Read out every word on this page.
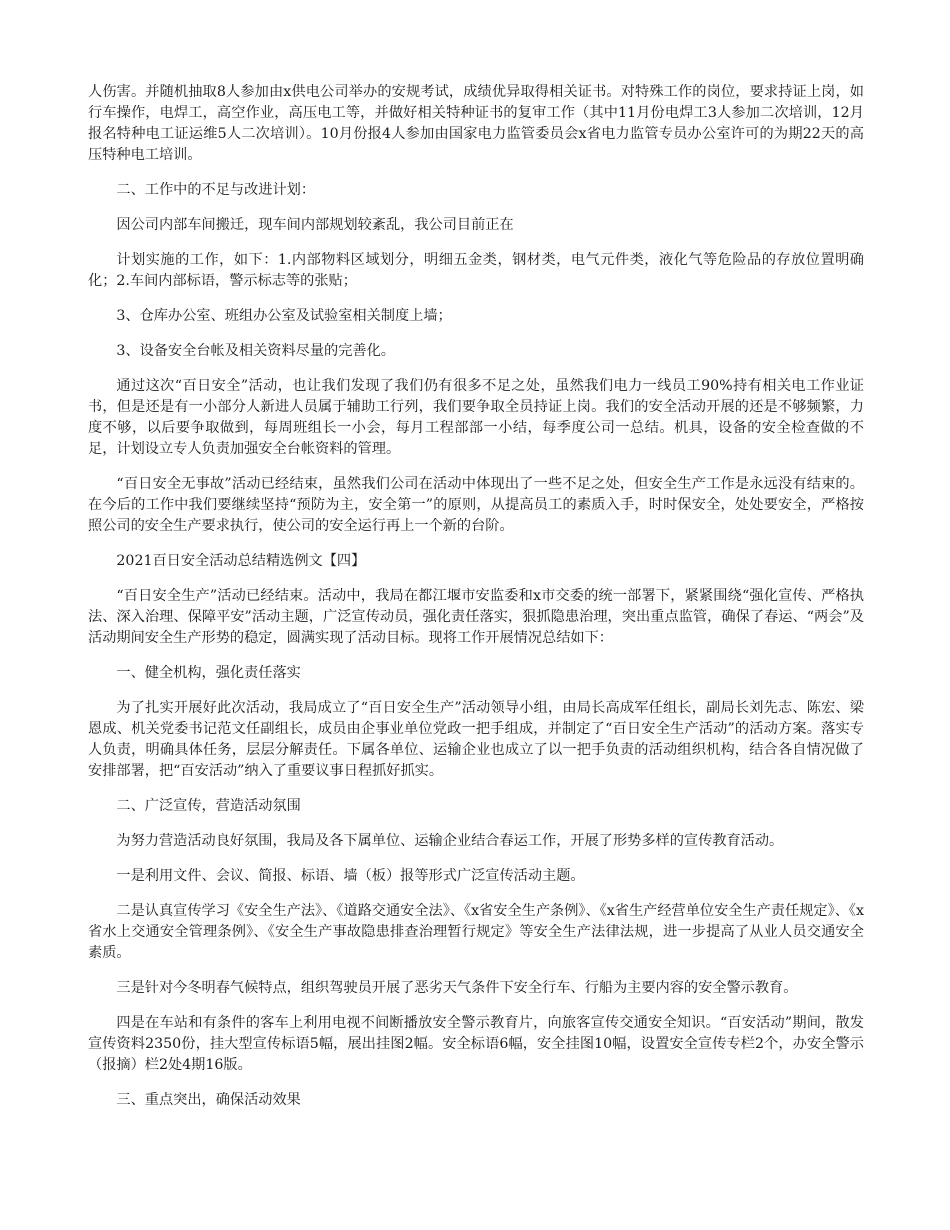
人伤害。并随机抽取8人参加由x供电公司举办的安规考试，成绩优异取得相关证书。对特殊工作的岗位，要求持证上岗，如行车操作，电焊工，高空作业，高压电工等，并做好相关特种证书的复审工作（其中11月份电焊工3人参加二次培训，12月报名特种电工证运维5人二次培训）。10月份报4人参加由国家电力监管委员会x省电力监管专员办公室许可的为期22天的高压特种电工培训。

二、工作中的不足与改进计划：

因公司内部车间搬迁，现车间内部规划较紊乱，我公司目前正在

计划实施的工作，如下：1.内部物料区域划分，明细五金类，钢材类，电气元件类，液化气等危险品的存放位置明确化；2.车间内部标语，警示标志等的张贴；

3、仓库办公室、班组办公室及试验室相关制度上墙；

3、设备安全台帐及相关资料尽量的完善化。

通过这次“百日安全”活动，也让我们发现了我们仍有很多不足之处，虽然我们电力一线员工90%持有相关电工作业证书，但是还是有一小部分人新进人员属于辅助工行列，我们要争取全员持证上岗。我们的安全活动开展的还是不够频繁，力度不够，以后要争取做到，每周班组长一小会，每月工程部部一小结，每季度公司一总结。机具，设备的安全检查做的不足，计划设立专人负责加强安全台帐资料的管理。

“百日安全无事故”活动已经结束，虽然我们公司在活动中体现出了一些不足之处，但安全生产工作是永远没有结束的。在今后的工作中我们要继续坚持“预防为主，安全第一”的原则，从提高员工的素质入手，时时保安全，处处要安全，严格按照公司的安全生产要求执行，使公司的安全运行再上一个新的台阶。

2021百日安全活动总结精选例文【四】

“百日安全生产”活动已经结束。活动中，我局在都江堰市安监委和x市交委的统一部署下，紧紧围绕“强化宣传、严格执法、深入治理、保障平安”活动主题，广泛宣传动员，强化责任落实，狠抓隐患治理，突出重点监管，确保了春运、“两会”及活动期间安全生产形势的稳定，圆满实现了活动目标。现将工作开展情况总结如下：

一、健全机构，强化责任落实

为了扎实开展好此次活动，我局成立了“百日安全生产”活动领导小组，由局长高成军任组长，副局长刘先志、陈宏、梁恩成、机关党委书记范文任副组长，成员由企事业单位党政一把手组成，并制定了“百日安全生产活动”的活动方案。落实专人负责，明确具体任务，层层分解责任。下属各单位、运输企业也成立了以一把手负责的活动组织机构，结合各自情况做了安排部署，把“百安活动”纳入了重要议事日程抓好抓实。

二、广泛宣传，营造活动氛围

为努力营造活动良好氛围，我局及各下属单位、运输企业结合春运工作，开展了形势多样的宣传教育活动。

一是利用文件、会议、简报、标语、墙（板）报等形式广泛宣传活动主题。

二是认真宣传学习《安全生产法》、《道路交通安全法》、《x省安全生产条例》、《x省生产经营单位安全生产责任规定》、《x省水上交通安全管理条例》、《安全生产事故隐患排查治理暂行规定》等安全生产法律法规，进一步提高了从业人员交通安全素质。

三是针对今冬明春气候特点，组织驾驶员开展了恶劣天气条件下安全行车、行船为主要内容的安全警示教育。

四是在车站和有条件的客车上利用电视不间断播放安全警示教育片，向旅客宣传交通安全知识。“百安活动”期间，散发宣传资料2350份，挂大型宣传标语5幅，展出挂图2幅。安全标语6幅，安全挂图10幅，设置安全宣传专栏2个，办安全警示（报摘）栏2处4期16版。

三、重点突出，确保活动效果
